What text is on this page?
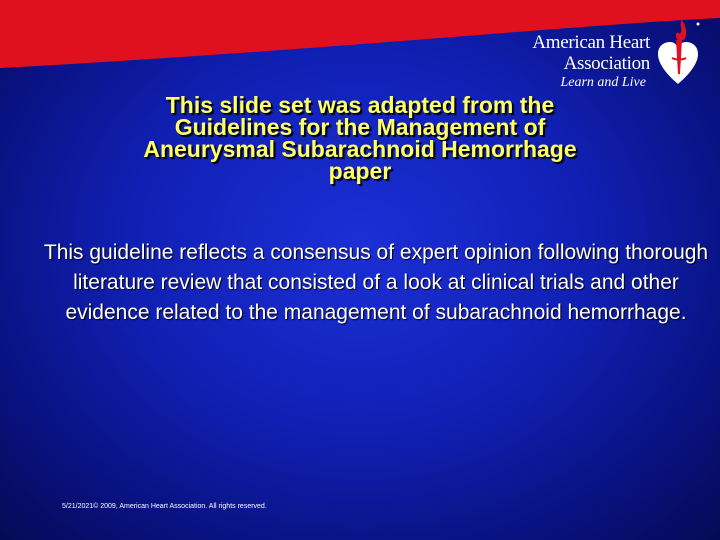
American Heart
Association
Learn and Live
This slide set was adapted from the
Guidelines for the Management of
Aneurysmal Subarachnoid Hemorrhage
paper
This guideline reflects a consensus of expert opinion following thorough literature review that consisted of a look at clinical trials and other evidence related to the management of subarachnoid hemorrhage.
5/21/2021© 2009, American Heart Association. All rights reserved.
